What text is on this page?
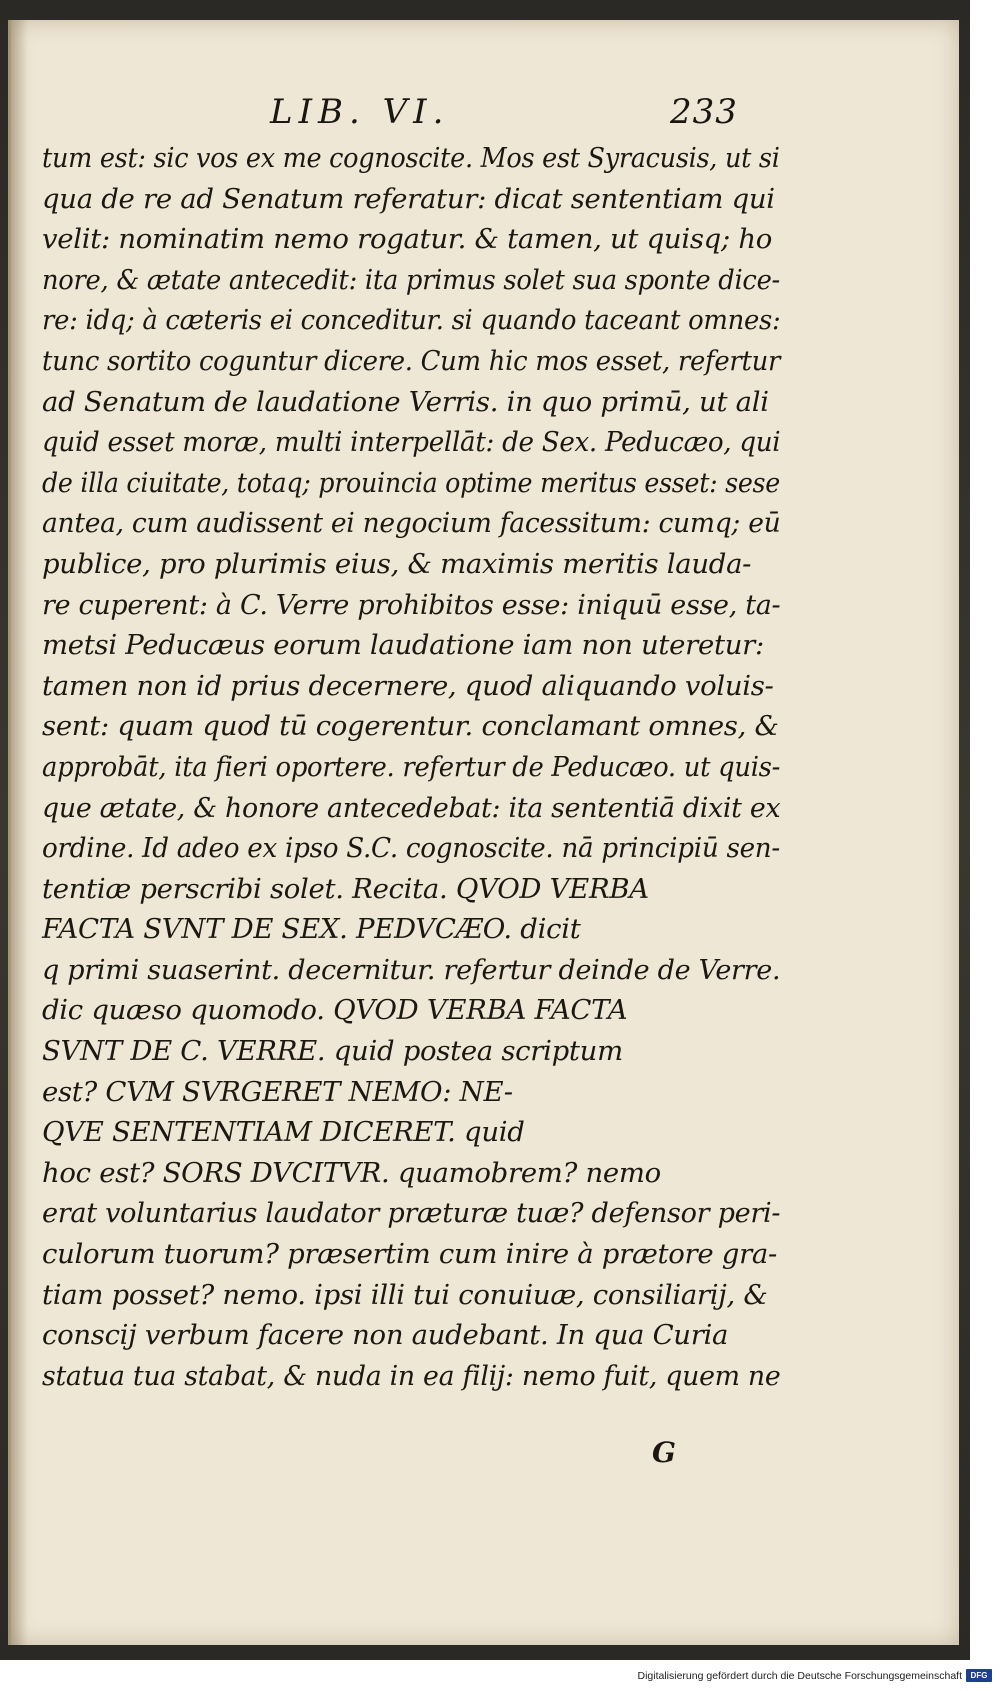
LIB. VI.	233
tum est: sic vos ex me cognoscite. Mos est Syracusis, ut si
qua de re ad Senatum referatur: dicat sententiam qui
velit: nominatim nemo rogatur. & tamen, ut quisq; ho
nore, & ætate antecedit: ita primus solet sua sponte dice-
re: idq; à cæteris ei conceditur. si quando taceant omnes:
tunc sortito coguntur dicere. Cum hic mos esset, refertur
ad Senatum de laudatione Verris. in quo primū, ut ali
quid esset moræ, multi interpellāt: de Sex. Peducæo, qui
de illa ciuitate, totaq; prouincia optime meritus esset: sese
antea, cum audissent ei negocium facessitum: cumq; eū
publice, pro plurimis eius, & maximis meritis lauda-
re cuperent: à C. Verre prohibitos esse: iniquū esse, ta-
metsi Peducæus eorum laudatione iam non uteretur:
tamen non id prius decernere, quod aliquando voluis-
sent: quam quod tū cogerentur. conclamant omnes, &
approbāt, ita fieri oportere. refertur de Peducæo. ut quis-
que ætate, & honore antecedebat: ita sententiā dixit ex
ordine. Id adeo ex ipso S.C. cognoscite. nā principiū sen-
tentiæ perscribi solet. Recita. QVOD VERBA
FACTA SVNT DE SEX. PEDVCÆO. dicit
q primi suaserint. decernitur. refertur deinde de Verre.
dic quæso quomodo. QVOD VERBA FACTA
SVNT DE C. VERRE. quid postea scriptum
est? CVM SVRGERET NEMO: NE-
QVE SENTENTIAM DICERET. quid
hoc est? SORS DVCITVR. quamobrem? nemo
erat voluntarius laudator præturæ tuæ? defensor peri-
culorum tuorum? præsertim cum inire à prætore gra-
tiam posset? nemo. ipsi illi tui conuiuæ, consiliarij, &
conscij verbum facere non audebant. In qua Curia
statua tua stabat, & nuda in ea filij: nemo fuit, quem ne
G
Digitalisierung gefördert durch die Deutsche Forschungsgemeinschaft	DFG
